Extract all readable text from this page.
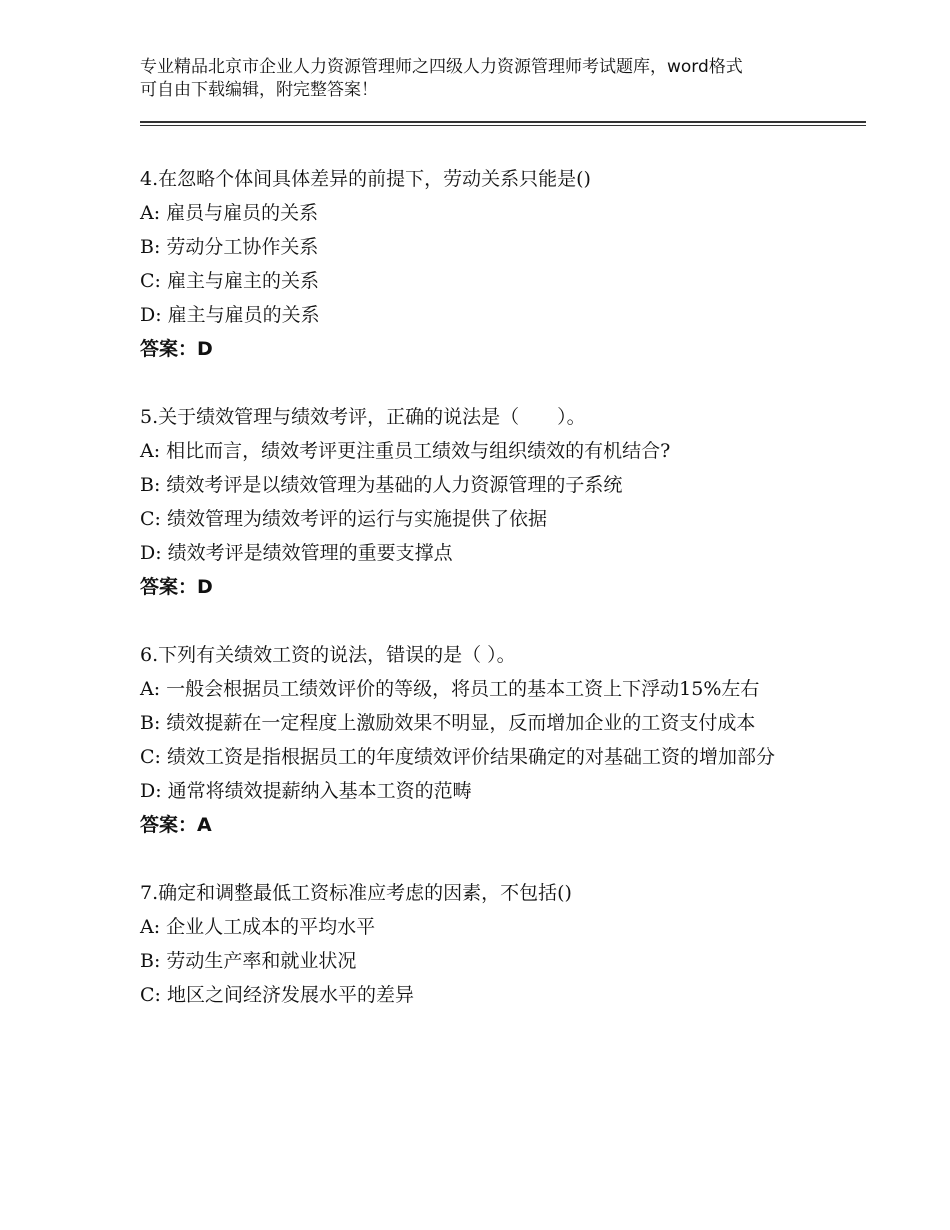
专业精品北京市企业人力资源管理师之四级人力资源管理师考试题库，word格式
可自由下载编辑，附完整答案！
4.在忽略个体间具体差异的前提下，劳动关系只能是()
A: 雇员与雇员的关系
B: 劳动分工协作关系
C: 雇主与雇主的关系
D: 雇主与雇员的关系
答案：D
5.关于绩效管理与绩效考评，正确的说法是（　　）。
A: 相比而言，绩效考评更注重员工绩效与组织绩效的有机结合?
B: 绩效考评是以绩效管理为基础的人力资源管理的子系统
C: 绩效管理为绩效考评的运行与实施提供了依据
D: 绩效考评是绩效管理的重要支撑点
答案：D
6.下列有关绩效工资的说法，错误的是（ ）。
A: 一般会根据员工绩效评价的等级，将员工的基本工资上下浮动15%左右
B: 绩效提薪在一定程度上激励效果不明显，反而增加企业的工资支付成本
C: 绩效工资是指根据员工的年度绩效评价结果确定的对基础工资的增加部分
D: 通常将绩效提薪纳入基本工资的范畴
答案：A
7.确定和调整最低工资标准应考虑的因素，不包括()
A: 企业人工成本的平均水平
B: 劳动生产率和就业状况
C: 地区之间经济发展水平的差异
